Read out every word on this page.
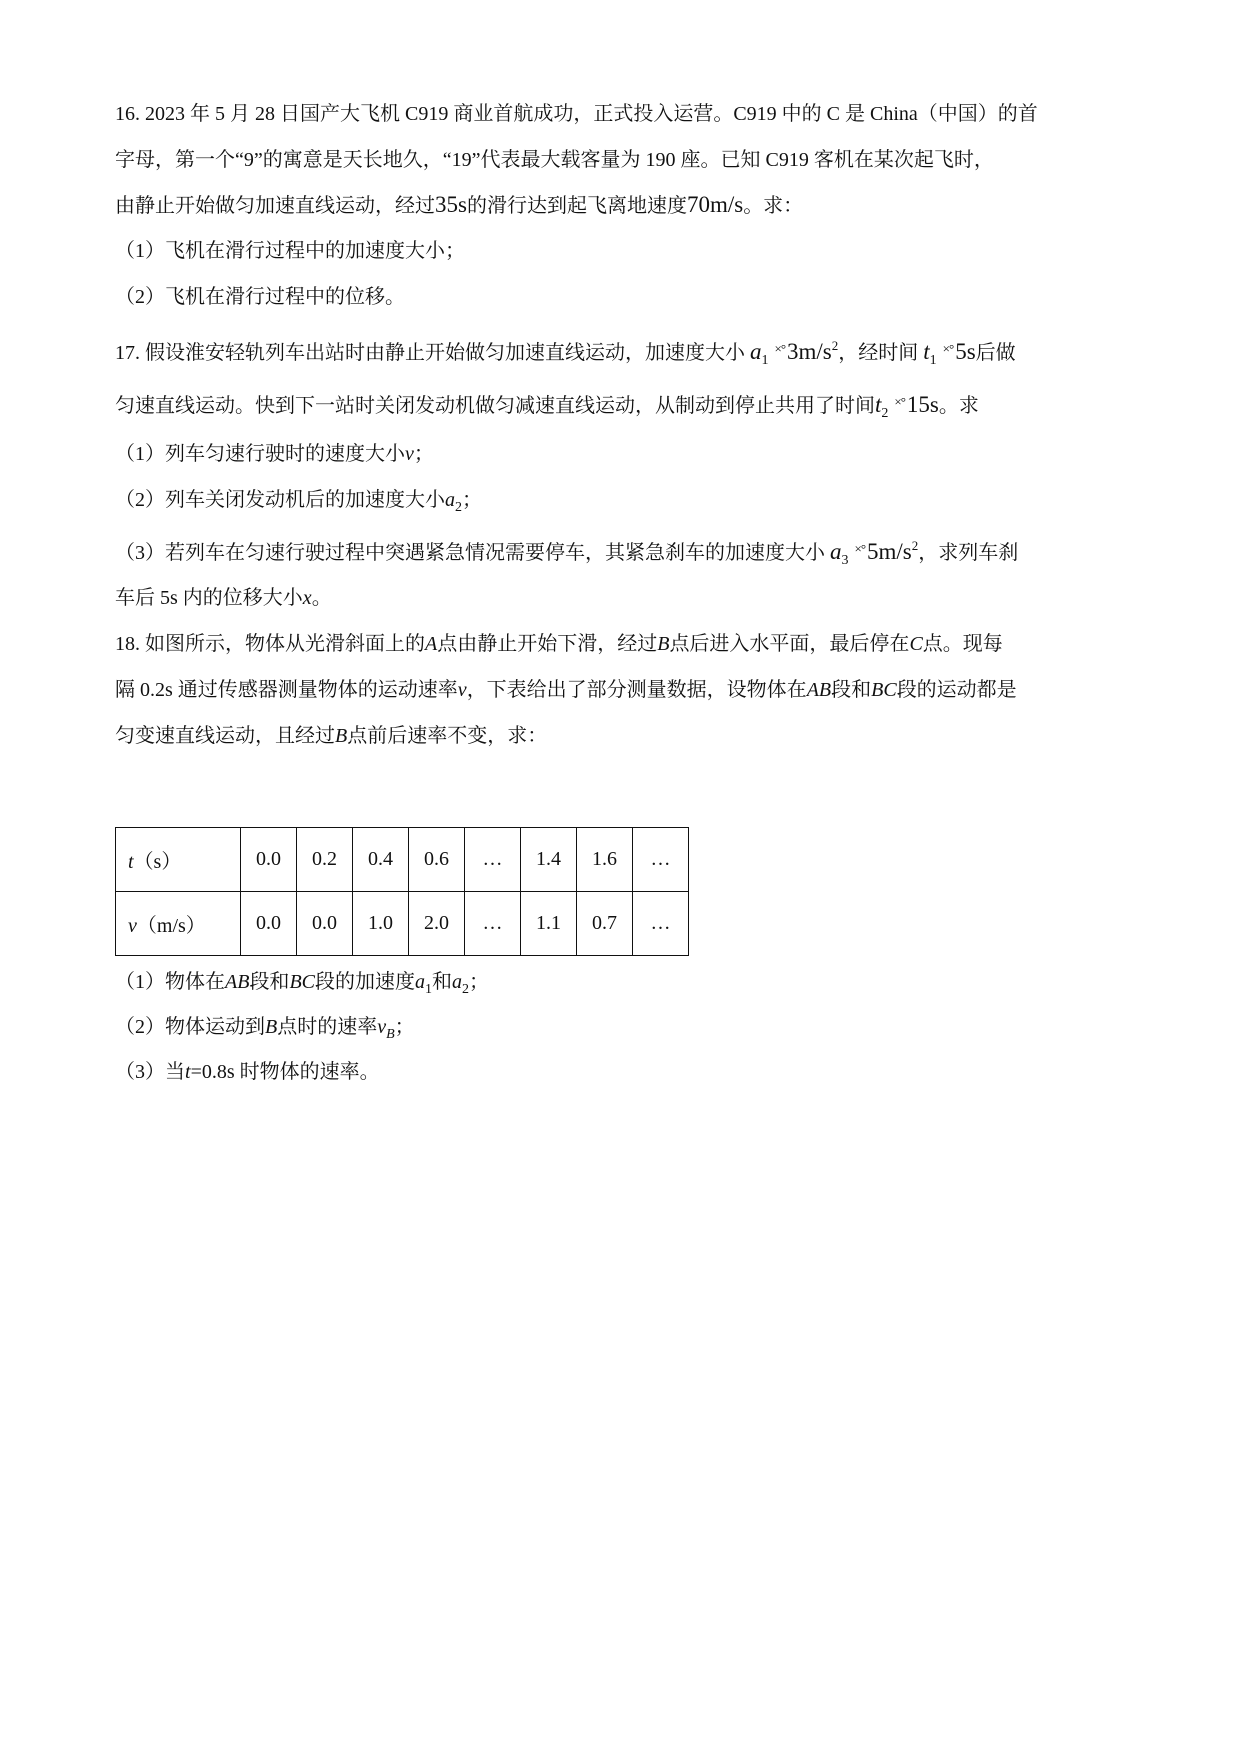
16. 2023 年 5 月 28 日国产大飞机 C919 商业首航成功，正式投入运营。C919 中的 C 是 China（中国）的首
字母，第一个“9”的寓意是天长地久，“19”代表最大载客量为 190 座。已知 C919 客机在某次起飞时，
由静止开始做匀加速直线运动，经过35s的滑行达到起飞离地速度70m/s。求：
（1）飞机在滑行过程中的加速度大小；
（2）飞机在滑行过程中的位移。
17. 假设淮安轻轨列车出站时由静止开始做匀加速直线运动，加速度大小 $a_1^{\times^\circ}3m/s^2$，经时间 $t_1^{\times^\circ}5s$后做
匀速直线运动。快到下一站时关闭发动机做匀减速直线运动，从制动到停止共用了时间$t_2^{\times^\circ}15s$。求
（1）列车匀速行驶时的速度大小v；
（2）列车关闭发动机后的加速度大小$a_2$；
（3）若列车在匀速行驶过程中突遇紧急情况需要停车，其紧急刹车的加速度大小 $a_3^{\times^\circ}5m/s^2$，求列车刹
车后 5s 内的位移大小x。
18. 如图所示，物体从光滑斜面上的A点由静止开始下滑，经过B点后进入水平面，最后停在C点。现每
隔 0.2s 通过传感器测量物体的运动速率v，下表给出了部分测量数据，设物体在AB段和BC段的运动都是
匀变速直线运动，且经过B点前后速率不变，求：
t（s）	0.0	0.2	0.4	0.6	…	1.4	1.6	…
v（m/s）	0.0	0.0	1.0	2.0	…	1.1	0.7	…
（1）物体在AB段和BC段的加速度$a_1$和$a_2$；
（2）物体运动到B点时的速率$v_B$；
（3）当t=0.8s 时物体的速率。
